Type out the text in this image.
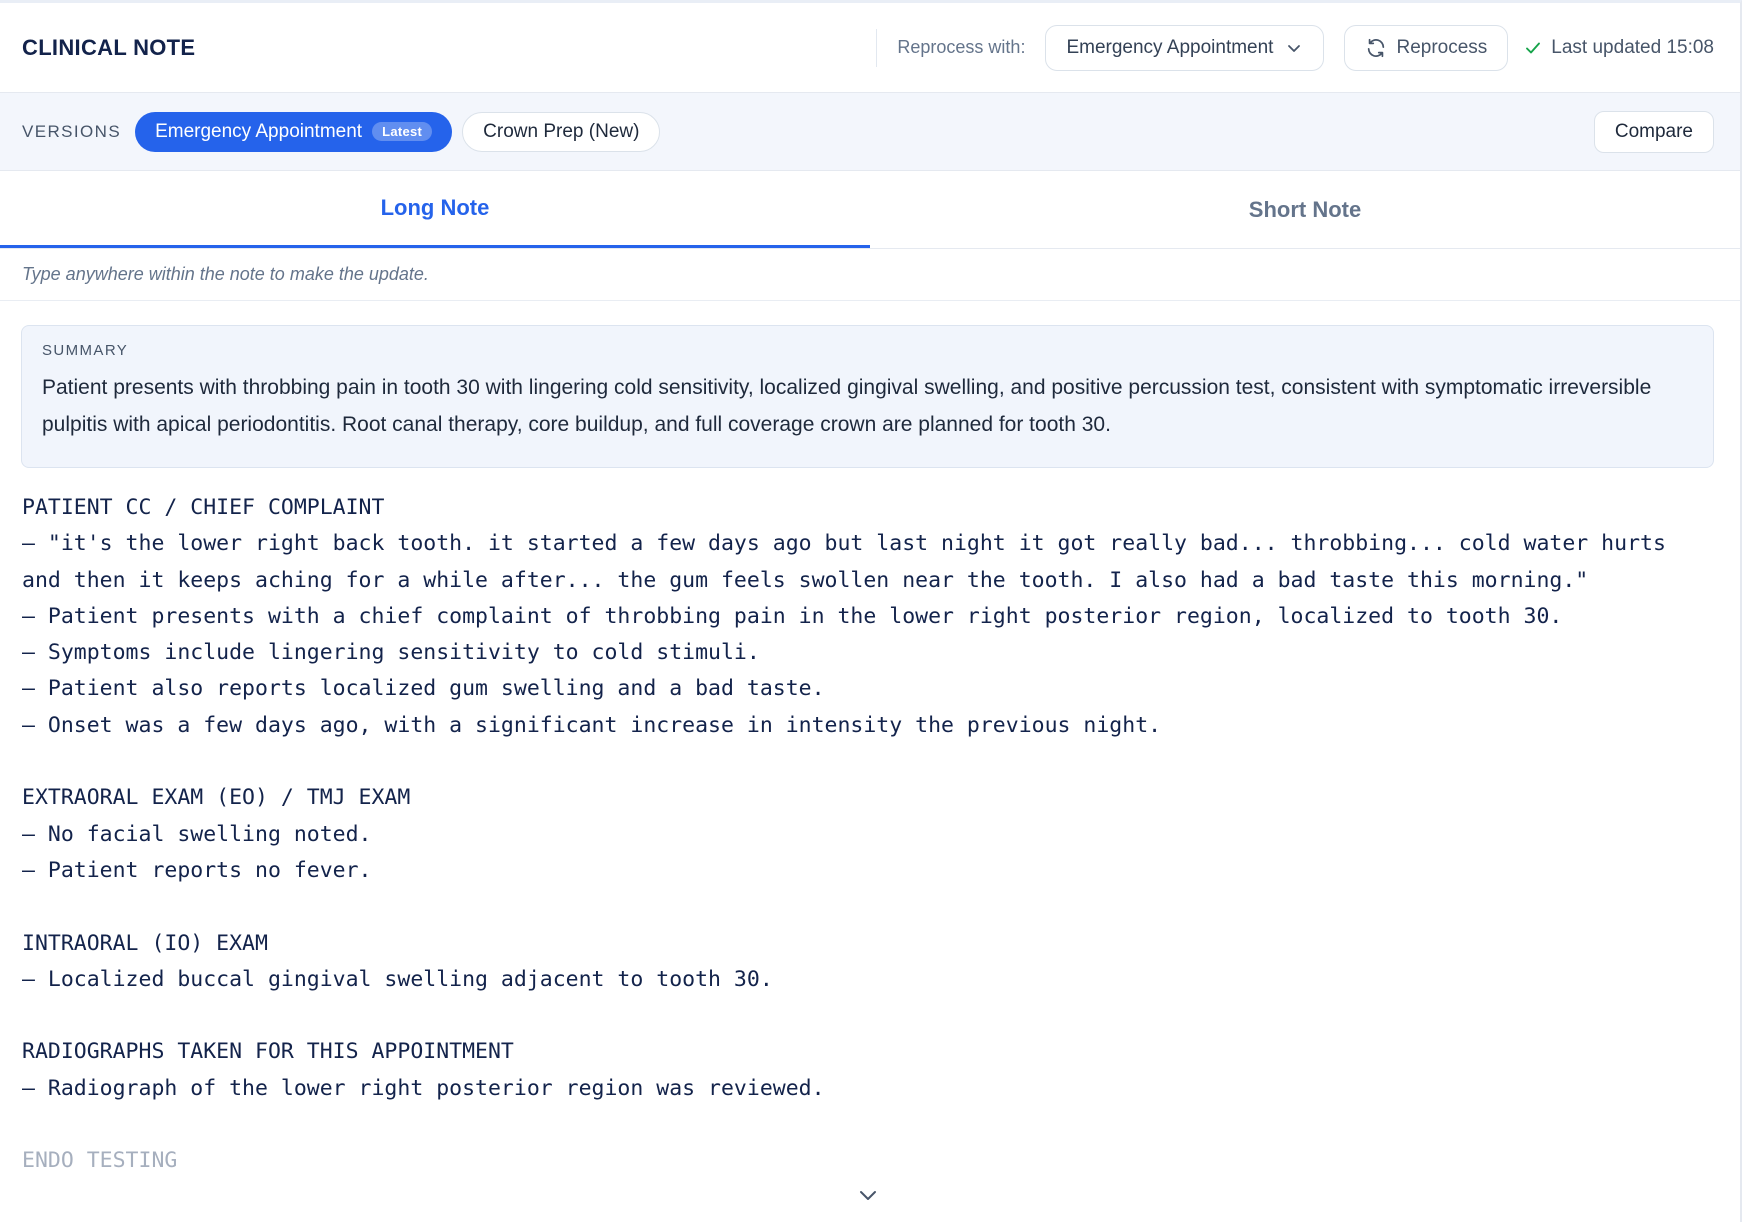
CLINICAL NOTE	Reprocess with: Emergency Appointment	Reprocess	Last updated 15:08
VERSIONS Emergency Appointment	Latest	Crown Prep (New)	Compare
Long Note	Short Note
Type anywhere within the note to make the update.
SUMMARY
Patient presents with throbbing pain in tooth 30 with lingering cold sensitivity, localized gingival swelling, and positive percussion test, consistent with symptomatic irreversible pulpitis with apical periodontitis. Root canal therapy, core buildup, and full coverage crown are planned for tooth 30.
PATIENT CC / CHIEF COMPLAINT
– "it's the lower right back tooth. it started a few days ago but last night it got really bad... throbbing... cold water hurts and then it keeps aching for a while after... the gum feels swollen near the tooth. I also had a bad taste this morning."
– Patient presents with a chief complaint of throbbing pain in the lower right posterior region, localized to tooth 30.
– Symptoms include lingering sensitivity to cold stimuli.
– Patient also reports localized gum swelling and a bad taste.
– Onset was a few days ago, with a significant increase in intensity the previous night.
EXTRAORAL EXAM (EO) / TMJ EXAM
– No facial swelling noted.
– Patient reports no fever.
INTRAORAL (IO) EXAM
– Localized buccal gingival swelling adjacent to tooth 30.
RADIOGRAPHS TAKEN FOR THIS APPOINTMENT
– Radiograph of the lower right posterior region was reviewed.
ENDO TESTING
